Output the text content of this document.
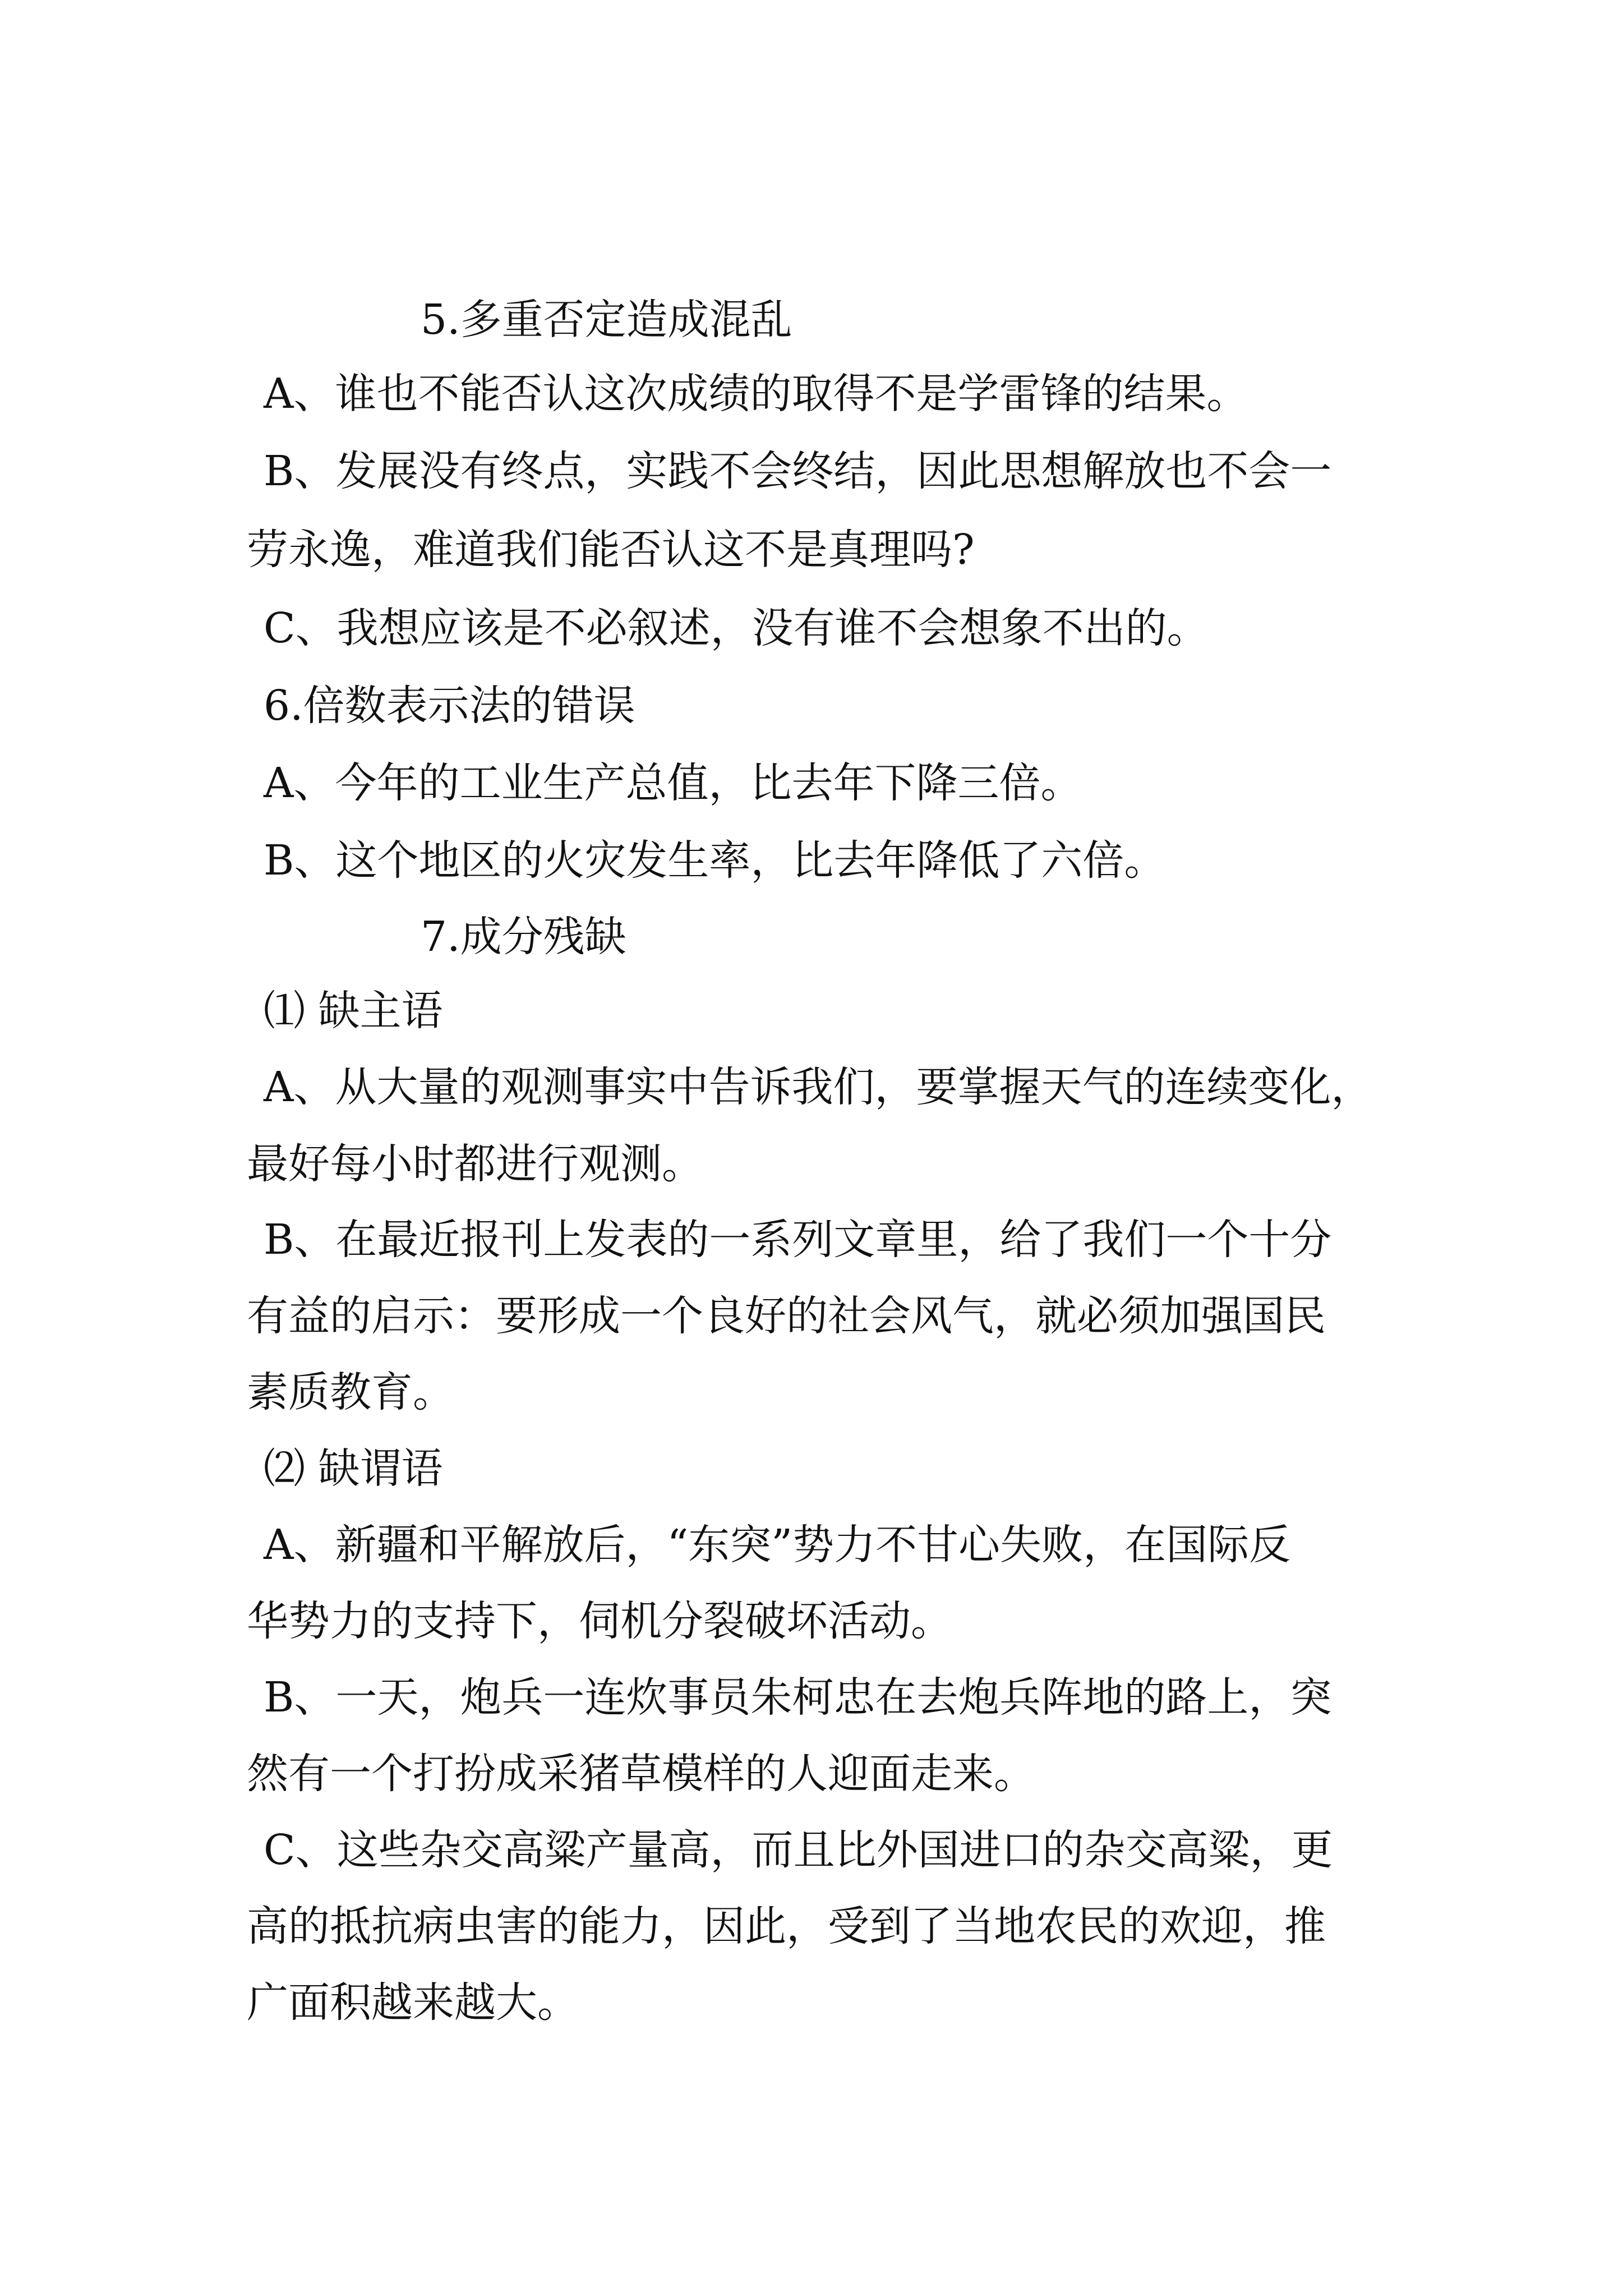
5.多重否定造成混乱
A、谁也不能否认这次成绩的取得不是学雷锋的结果。
B、发展没有终点，实践不会终结，因此思想解放也不会一
劳永逸，难道我们能否认这不是真理吗?
C、我想应该是不必叙述，没有谁不会想象不出的。
6.倍数表示法的错误
A、今年的工业生产总值，比去年下降三倍。
B、这个地区的火灾发生率，比去年降低了六倍。
7.成分残缺
⑴ 缺主语
A、从大量的观测事实中告诉我们，要掌握天气的连续变化，
最好每小时都进行观测。
B、在最近报刊上发表的一系列文章里，给了我们一个十分
有益的启示：要形成一个良好的社会风气，就必须加强国民
素质教育。
⑵ 缺谓语
A、新疆和平解放后，“东突”势力不甘心失败，在国际反
华势力的支持下，伺机分裂破坏活动。
B、一天，炮兵一连炊事员朱柯忠在去炮兵阵地的路上，突
然有一个打扮成采猪草模样的人迎面走来。
C、这些杂交高粱产量高，而且比外国进口的杂交高粱，更
高的抵抗病虫害的能力，因此，受到了当地农民的欢迎，推
广面积越来越大。
